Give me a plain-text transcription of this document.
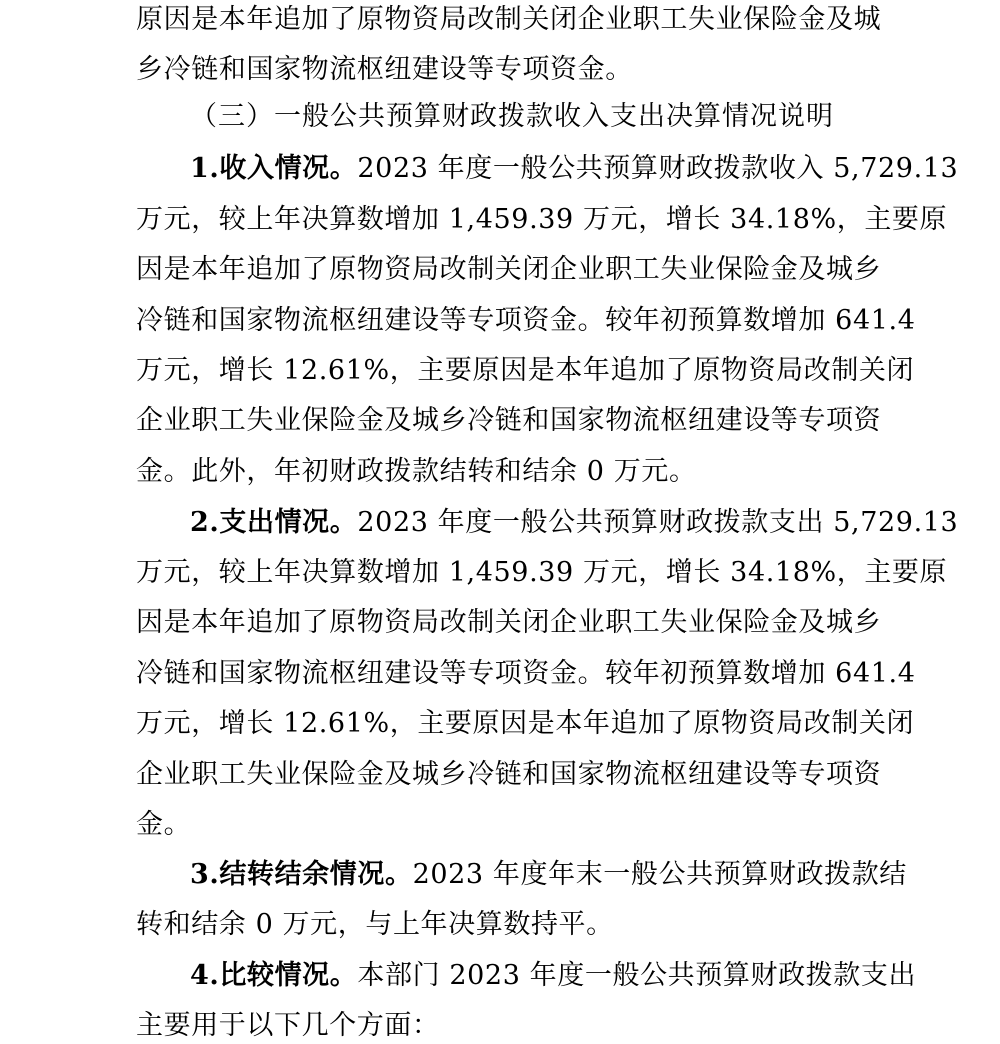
原因是本年追加了原物资局改制关闭企业职工失业保险金及城
乡冷链和国家物流枢纽建设等专项资金。
（三）一般公共预算财政拨款收入支出决算情况说明
1.收入情况。2023 年度一般公共预算财政拨款收入 5,729.13
万元，较上年决算数增加 1,459.39 万元，增长 34.18%，主要原
因是本年追加了原物资局改制关闭企业职工失业保险金及城乡
冷链和国家物流枢纽建设等专项资金。较年初预算数增加 641.4
万元，增长 12.61%，主要原因是本年追加了原物资局改制关闭
企业职工失业保险金及城乡冷链和国家物流枢纽建设等专项资
金。此外，年初财政拨款结转和结余 0 万元。
2.支出情况。2023 年度一般公共预算财政拨款支出 5,729.13
万元，较上年决算数增加 1,459.39 万元，增长 34.18%，主要原
因是本年追加了原物资局改制关闭企业职工失业保险金及城乡
冷链和国家物流枢纽建设等专项资金。较年初预算数增加 641.4
万元，增长 12.61%，主要原因是本年追加了原物资局改制关闭
企业职工失业保险金及城乡冷链和国家物流枢纽建设等专项资
金。
3.结转结余情况。2023 年度年末一般公共预算财政拨款结
转和结余 0 万元，与上年决算数持平。
4.比较情况。本部门 2023 年度一般公共预算财政拨款支出
主要用于以下几个方面：
